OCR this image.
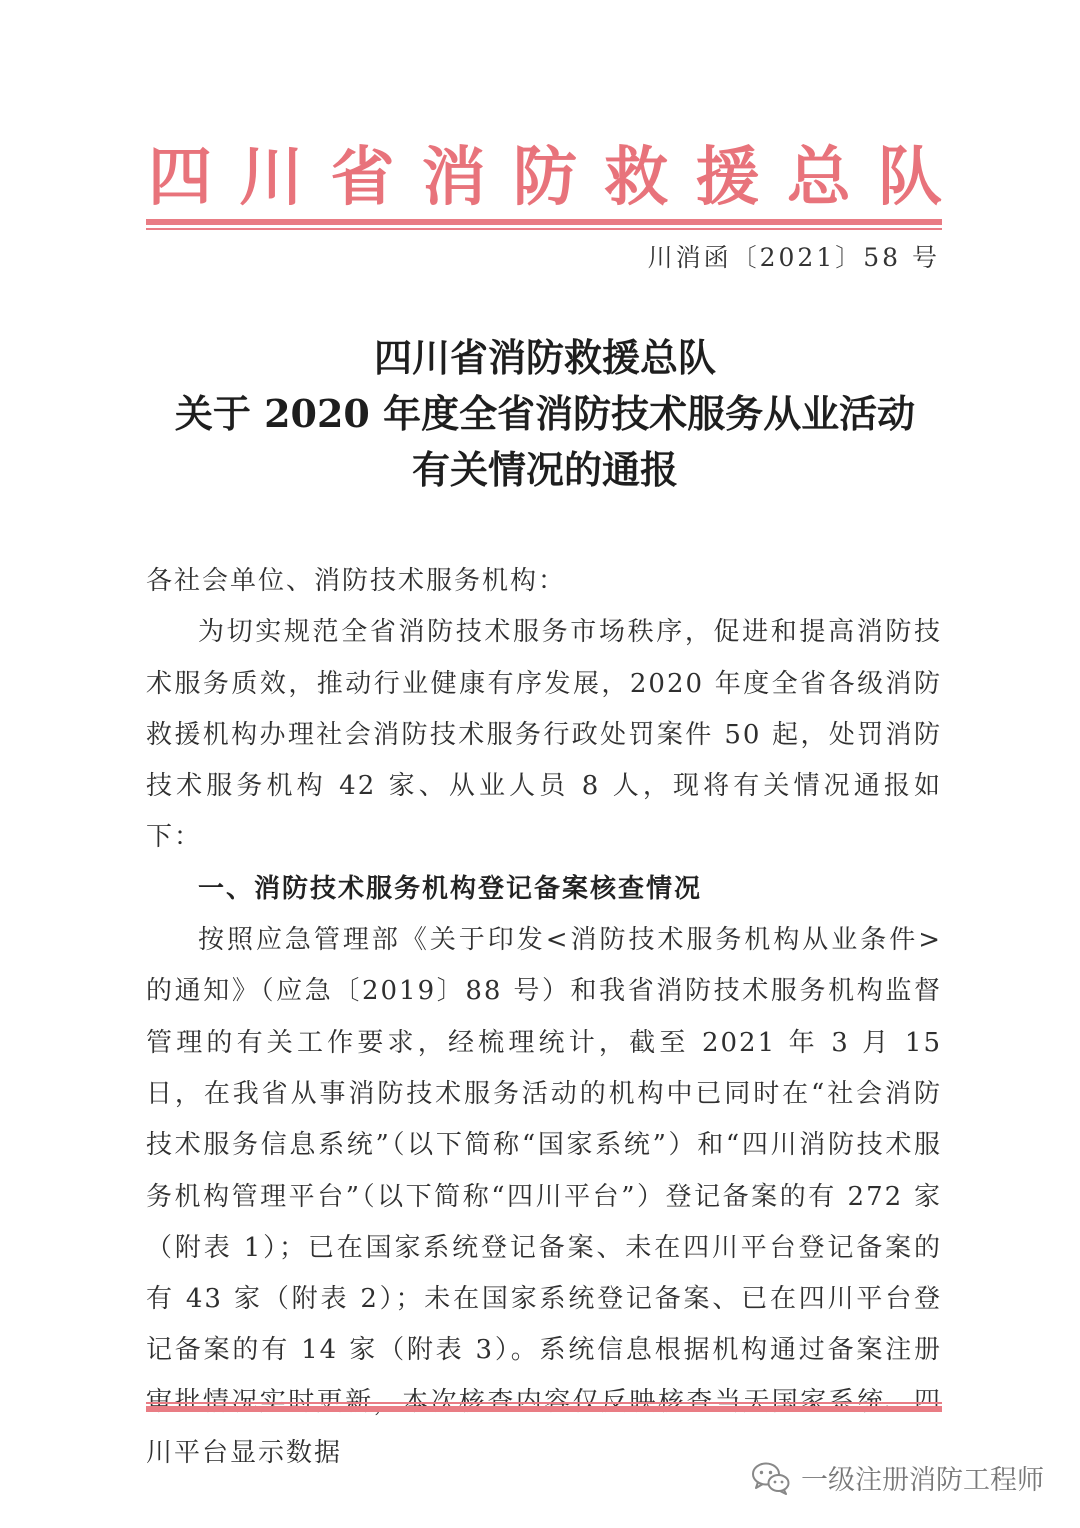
四 川 省 消 防 救 援 总 队
川消函〔2021〕58 号
四川省消防救援总队
关于 2020 年度全省消防技术服务从业活动
有关情况的通报

各社会单位、消防技术服务机构：

为切实规范全省消防技术服务市场秩序，促进和提高消防技术服务质效，推动行业健康有序发展，2020 年度全省各级消防救援机构办理社会消防技术服务行政处罚案件 50 起，处罚消防技术服务机构 42 家、从业人员 8 人，现将有关情况通报如下：

一、消防技术服务机构登记备案核查情况

按照应急管理部《关于印发<消防技术服务机构从业条件>的通知》（应急〔2019〕88 号）和我省消防技术服务机构监督管理的有关工作要求，经梳理统计，截至 2021 年 3 月 15 日，在我省从事消防技术服务活动的机构中已同时在“社会消防技术服务信息系统”（以下简称“国家系统”）和“四川消防技术服务机构管理平台”（以下简称“四川平台”）登记备案的有 272 家（附表 1）；已在国家系统登记备案、未在四川平台登记备案的有 43 家（附表 2）；未在国家系统登记备案、已在四川平台登记备案的有 14 家（附表 3）。系统信息根据机构通过备案注册 川平台显示数据

一级注册消防工程师
